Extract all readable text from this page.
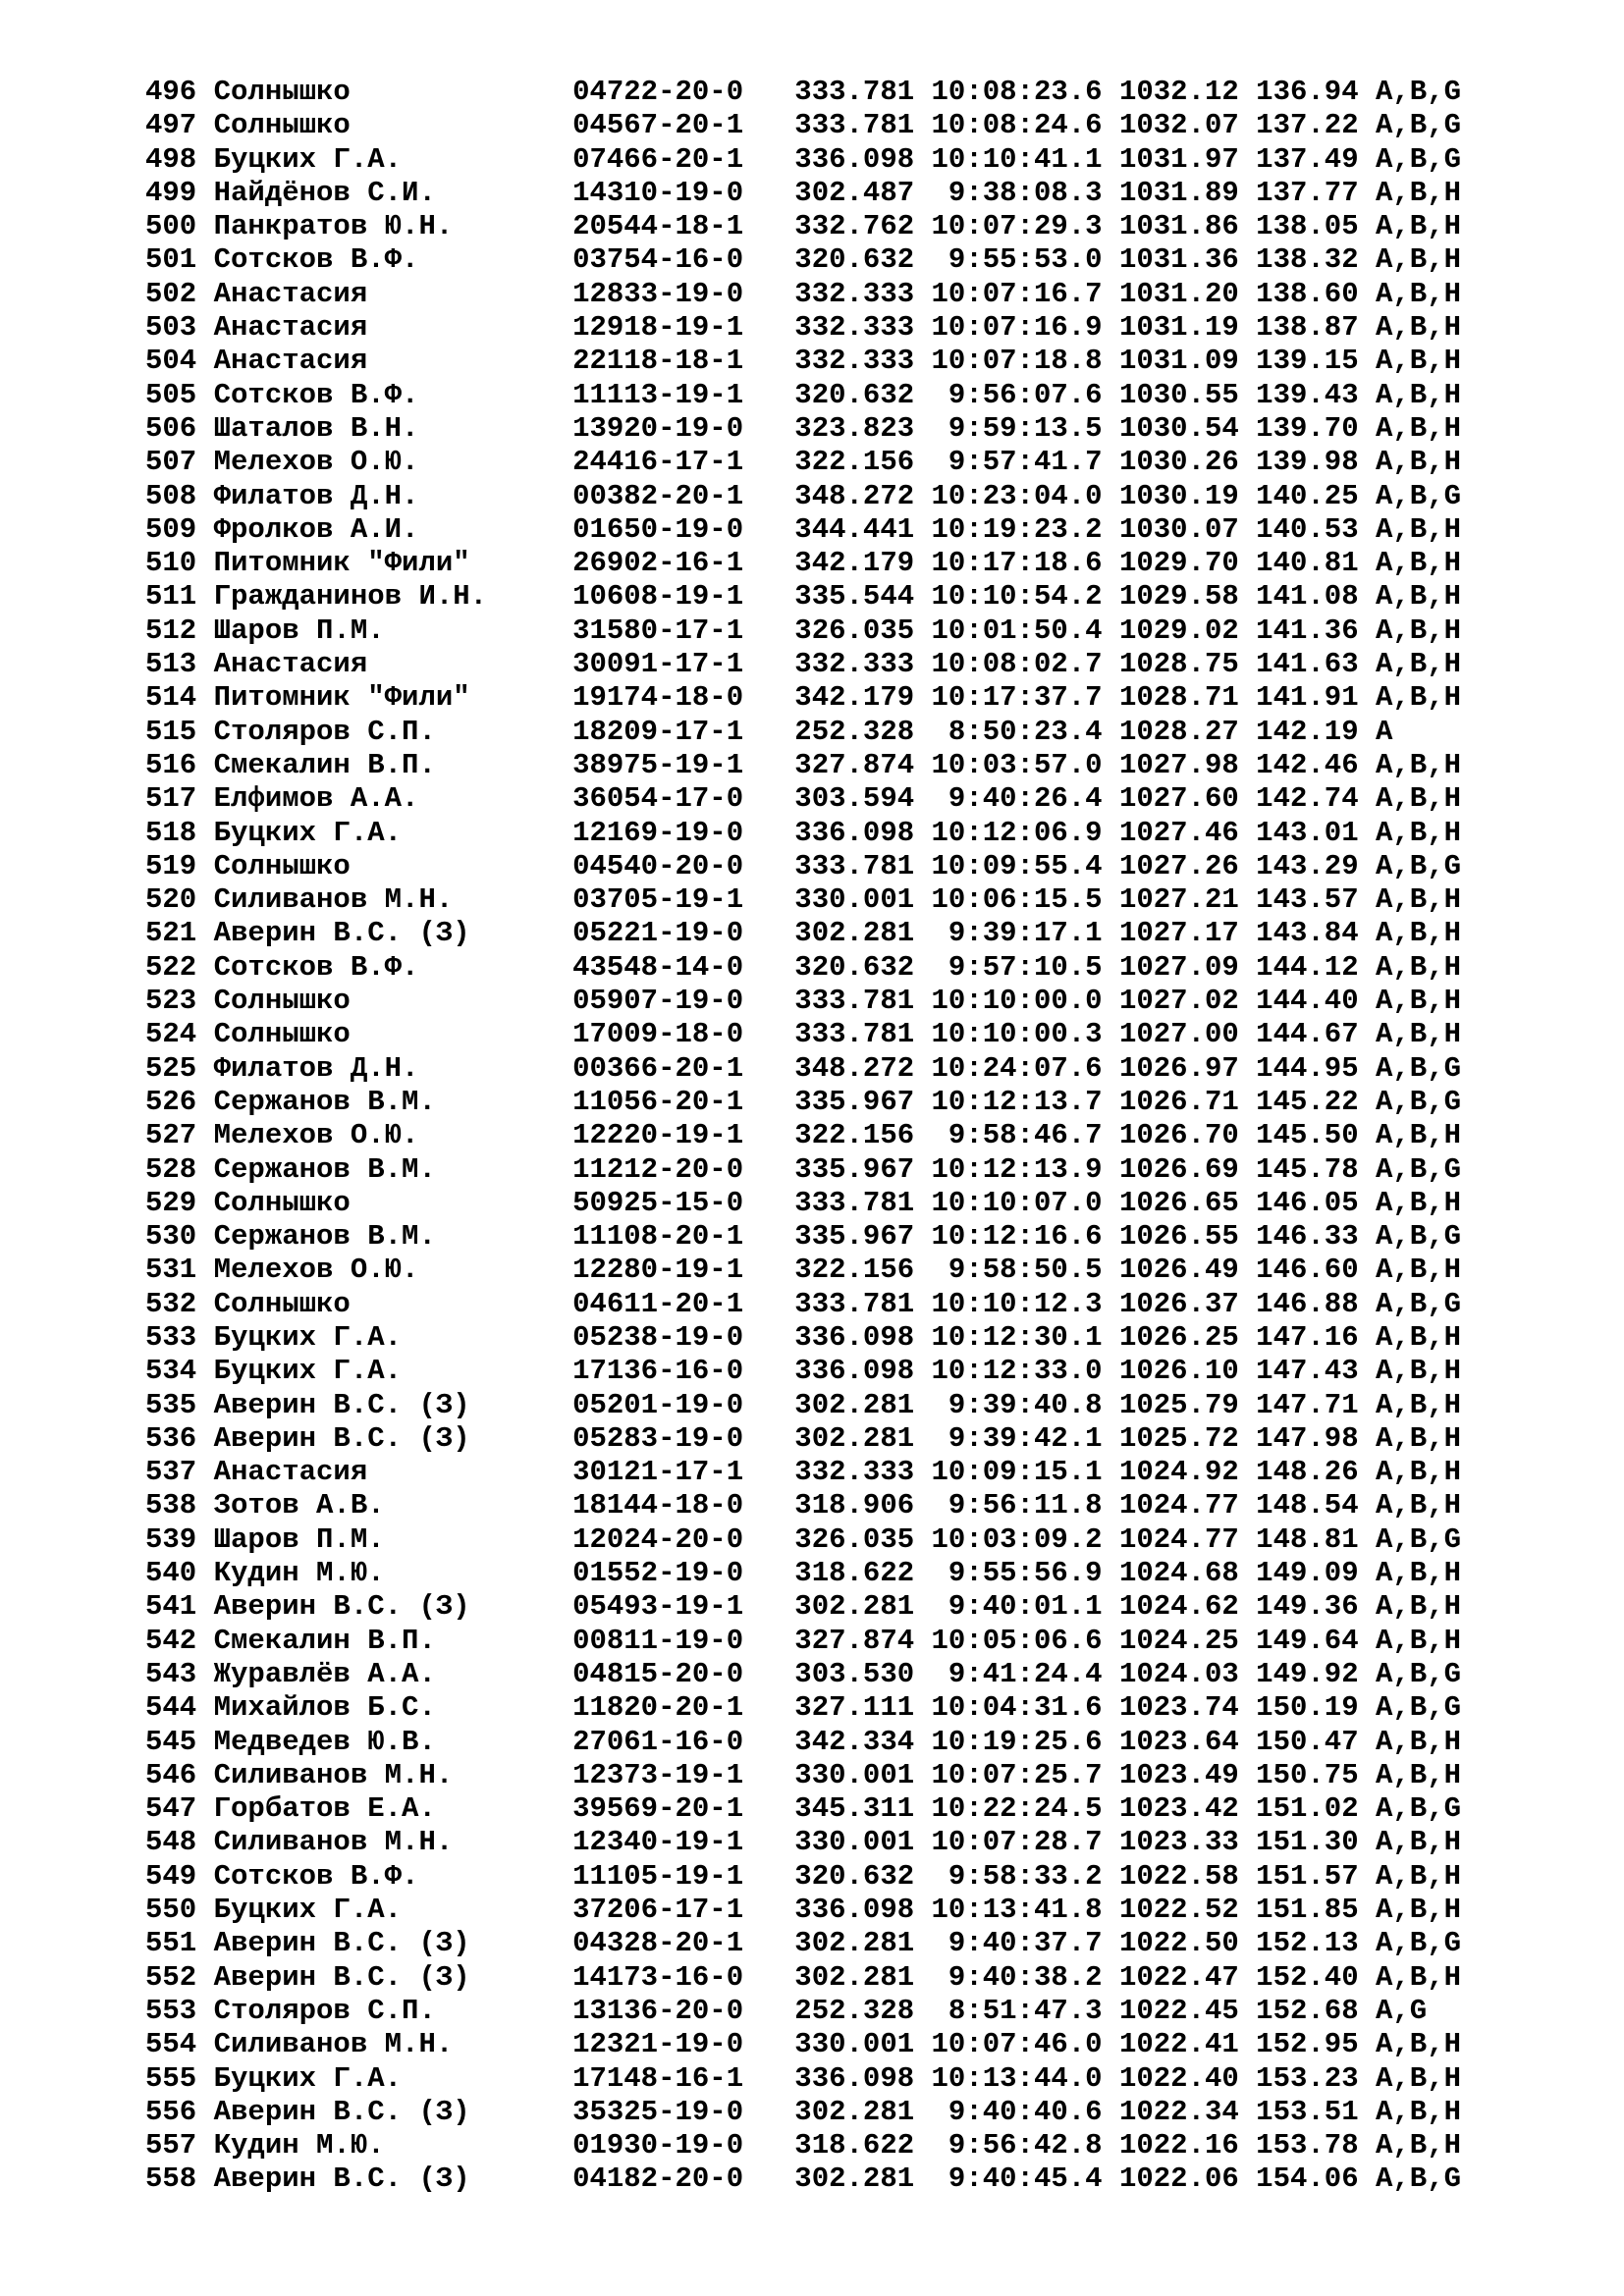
496 Солнышко             04722-20-0   333.781 10:08:23.6 1032.12 136.94 A,B,G
497 Солнышко             04567-20-1   333.781 10:08:24.6 1032.07 137.22 A,B,G
498 Буцких Г.А.          07466-20-1   336.098 10:10:41.1 1031.97 137.49 A,B,G
499 Найдёнов С.И.        14310-19-0   302.487  9:38:08.3 1031.89 137.77 A,B,H
500 Панкратов Ю.Н.       20544-18-1   332.762 10:07:29.3 1031.86 138.05 A,B,H
501 Сотсков В.Ф.         03754-16-0   320.632  9:55:53.0 1031.36 138.32 A,B,H
502 Анастасия            12833-19-0   332.333 10:07:16.7 1031.20 138.60 A,B,H
503 Анастасия            12918-19-1   332.333 10:07:16.9 1031.19 138.87 A,B,H
504 Анастасия            22118-18-1   332.333 10:07:18.8 1031.09 139.15 A,B,H
505 Сотсков В.Ф.         11113-19-1   320.632  9:56:07.6 1030.55 139.43 A,B,H
506 Шаталов В.Н.         13920-19-0   323.823  9:59:13.5 1030.54 139.70 A,B,H
507 Мелехов О.Ю.         24416-17-1   322.156  9:57:41.7 1030.26 139.98 A,B,H
508 Филатов Д.Н.         00382-20-1   348.272 10:23:04.0 1030.19 140.25 A,B,G
509 Фролков А.И.         01650-19-0   344.441 10:19:23.2 1030.07 140.53 A,B,H
510 Питомник "Фили"      26902-16-1   342.179 10:17:18.6 1029.70 140.81 A,B,H
511 Гражданинов И.Н.     10608-19-1   335.544 10:10:54.2 1029.58 141.08 A,B,H
512 Шаров П.М.           31580-17-1   326.035 10:01:50.4 1029.02 141.36 A,B,H
513 Анастасия            30091-17-1   332.333 10:08:02.7 1028.75 141.63 A,B,H
514 Питомник "Фили"      19174-18-0   342.179 10:17:37.7 1028.71 141.91 A,B,H
515 Столяров С.П.        18209-17-1   252.328  8:50:23.4 1028.27 142.19 A
516 Смекалин В.П.        38975-19-1   327.874 10:03:57.0 1027.98 142.46 A,B,H
517 Елфимов А.А.         36054-17-0   303.594  9:40:26.4 1027.60 142.74 A,B,H
518 Буцких Г.А.          12169-19-0   336.098 10:12:06.9 1027.46 143.01 A,B,H
519 Солнышко             04540-20-0   333.781 10:09:55.4 1027.26 143.29 A,B,G
520 Силиванов М.Н.       03705-19-1   330.001 10:06:15.5 1027.21 143.57 A,B,H
521 Аверин В.С. (З)      05221-19-0   302.281  9:39:17.1 1027.17 143.84 A,B,H
522 Сотсков В.Ф.         43548-14-0   320.632  9:57:10.5 1027.09 144.12 A,B,H
523 Солнышко             05907-19-0   333.781 10:10:00.0 1027.02 144.40 A,B,H
524 Солнышко             17009-18-0   333.781 10:10:00.3 1027.00 144.67 A,B,H
525 Филатов Д.Н.         00366-20-1   348.272 10:24:07.6 1026.97 144.95 A,B,G
526 Сержанов В.М.        11056-20-1   335.967 10:12:13.7 1026.71 145.22 A,B,G
527 Мелехов О.Ю.         12220-19-1   322.156  9:58:46.7 1026.70 145.50 A,B,H
528 Сержанов В.М.        11212-20-0   335.967 10:12:13.9 1026.69 145.78 A,B,G
529 Солнышко             50925-15-0   333.781 10:10:07.0 1026.65 146.05 A,B,H
530 Сержанов В.М.        11108-20-1   335.967 10:12:16.6 1026.55 146.33 A,B,G
531 Мелехов О.Ю.         12280-19-1   322.156  9:58:50.5 1026.49 146.60 A,B,H
532 Солнышко             04611-20-1   333.781 10:10:12.3 1026.37 146.88 A,B,G
533 Буцких Г.А.          05238-19-0   336.098 10:12:30.1 1026.25 147.16 A,B,H
534 Буцких Г.А.          17136-16-0   336.098 10:12:33.0 1026.10 147.43 A,B,H
535 Аверин В.С. (З)      05201-19-0   302.281  9:39:40.8 1025.79 147.71 A,B,H
536 Аверин В.С. (З)      05283-19-0   302.281  9:39:42.1 1025.72 147.98 A,B,H
537 Анастасия            30121-17-1   332.333 10:09:15.1 1024.92 148.26 A,B,H
538 Зотов А.В.           18144-18-0   318.906  9:56:11.8 1024.77 148.54 A,B,H
539 Шаров П.М.           12024-20-0   326.035 10:03:09.2 1024.77 148.81 A,B,G
540 Кудин М.Ю.           01552-19-0   318.622  9:55:56.9 1024.68 149.09 A,B,H
541 Аверин В.С. (З)      05493-19-1   302.281  9:40:01.1 1024.62 149.36 A,B,H
542 Смекалин В.П.        00811-19-0   327.874 10:05:06.6 1024.25 149.64 A,B,H
543 Журавлёв А.А.        04815-20-0   303.530  9:41:24.4 1024.03 149.92 A,B,G
544 Михайлов Б.С.        11820-20-1   327.111 10:04:31.6 1023.74 150.19 A,B,G
545 Медведев Ю.В.        27061-16-0   342.334 10:19:25.6 1023.64 150.47 A,B,H
546 Силиванов М.Н.       12373-19-1   330.001 10:07:25.7 1023.49 150.75 A,B,H
547 Горбатов Е.А.        39569-20-1   345.311 10:22:24.5 1023.42 151.02 A,B,G
548 Силиванов М.Н.       12340-19-1   330.001 10:07:28.7 1023.33 151.30 A,B,H
549 Сотсков В.Ф.         11105-19-1   320.632  9:58:33.2 1022.58 151.57 A,B,H
550 Буцких Г.А.          37206-17-1   336.098 10:13:41.8 1022.52 151.85 A,B,H
551 Аверин В.С. (З)      04328-20-1   302.281  9:40:37.7 1022.50 152.13 A,B,G
552 Аверин В.С. (З)      14173-16-0   302.281  9:40:38.2 1022.47 152.40 A,B,H
553 Столяров С.П.        13136-20-0   252.328  8:51:47.3 1022.45 152.68 A,G
554 Силиванов М.Н.       12321-19-0   330.001 10:07:46.0 1022.41 152.95 A,B,H
555 Буцких Г.А.          17148-16-1   336.098 10:13:44.0 1022.40 153.23 A,B,H
556 Аверин В.С. (З)      35325-19-0   302.281  9:40:40.6 1022.34 153.51 A,B,H
557 Кудин М.Ю.           01930-19-0   318.622  9:56:42.8 1022.16 153.78 A,B,H
558 Аверин В.С. (З)      04182-20-0   302.281  9:40:45.4 1022.06 154.06 A,B,G
